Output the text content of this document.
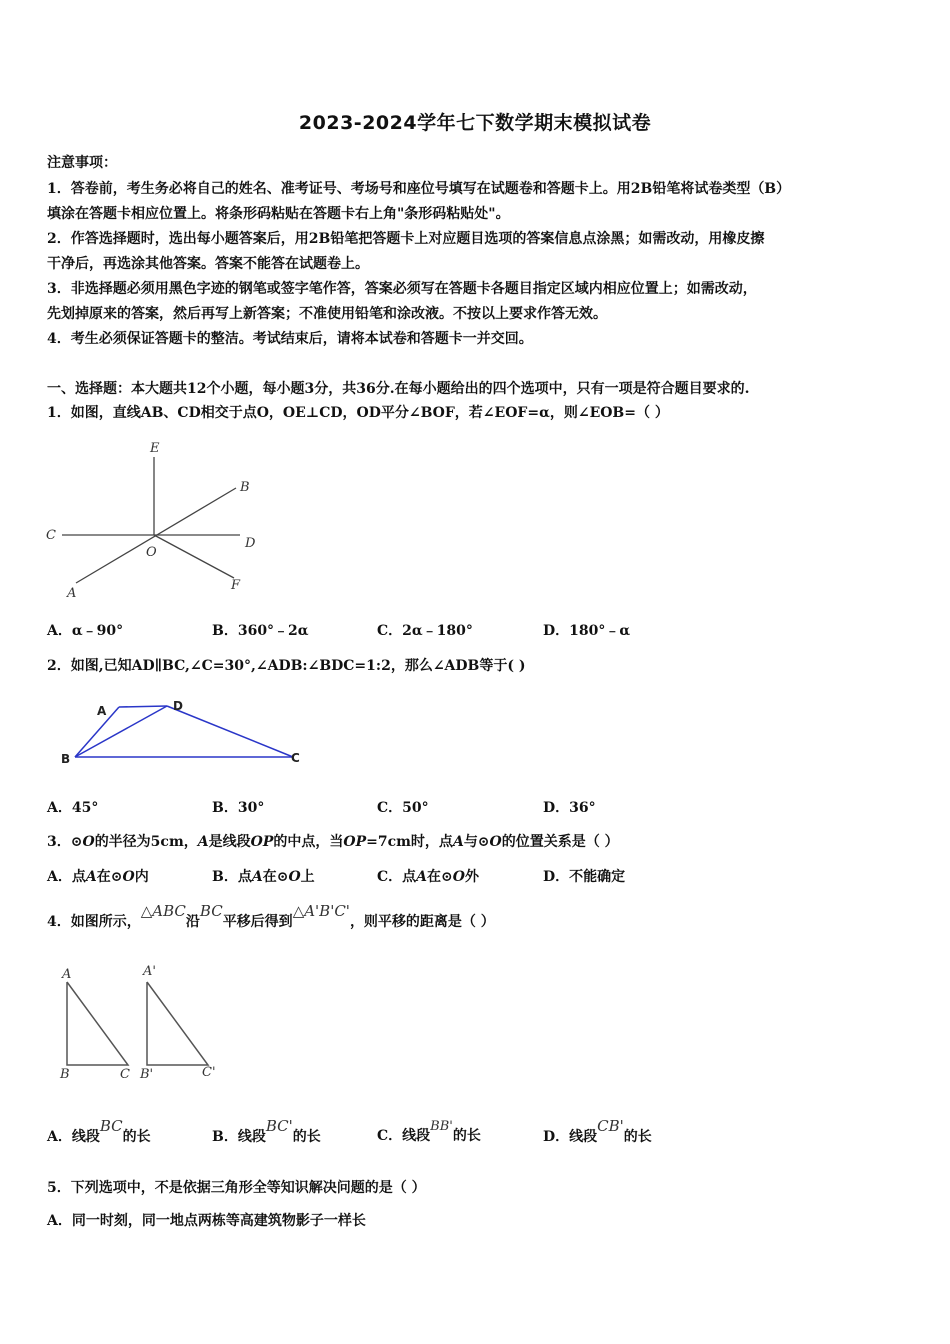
2023-2024学年七下数学期末模拟试卷
注意事项：
1．答卷前，考生务必将自己的姓名、准考证号、考场号和座位号填写在试题卷和答题卡上。用2B铅笔将试卷类型（B）
填涂在答题卡相应位置上。将条形码粘贴在答题卡右上角"条形码粘贴处"。
2．作答选择题时，选出每小题答案后，用2B铅笔把答题卡上对应题目选项的答案信息点涂黑；如需改动，用橡皮擦
干净后，再选涂其他答案。答案不能答在试题卷上。
3．非选择题必须用黑色字迹的钢笔或签字笔作答，答案必须写在答题卡各题目指定区域内相应位置上；如需改动，
先划掉原来的答案，然后再写上新答案；不准使用铅笔和涂改液。不按以上要求作答无效。
4．考生必须保证答题卡的整洁。考试结束后，请将本试卷和答题卡一并交回。
一、选择题：本大题共12个小题，每小题3分，共36分.在每小题给出的四个选项中，只有一项是符合题目要求的.
1．如图，直线AB、CD相交于点O，OE⊥CD，OD平分∠BOF，若∠EOF=α，则∠EOB=（ ）
E
B
C
D
O
F
A
A．α﹣90°	B．360°﹣2α	C．2α﹣180°	D．180°﹣α
2．如图,已知AD∥BC,∠C=30°,∠ADB:∠BDC=1:2，那么∠ADB等于( )
A	D
B	C
A．45°	B．30°	C．50°	D．36°
3．⊙O的半径为5cm，A是线段OP的中点，当OP=7cm时，点A与⊙O的位置关系是（ ）
A．点A在⊙O内	B．点A在⊙O上	C．点A在⊙O外	D．不能确定
4．如图所示，△ABC沿BC平移后得到△A'B'C'，则平移的距离是（ ）
A
B	C
A'
B'	C'
A．线段BC的长	B．线段BC'的长	C．线段BB'的长	D．线段CB'的长
5．下列选项中，不是依据三角形全等知识解决问题的是（ ）
A．同一时刻，同一地点两栋等高建筑物影子一样长
